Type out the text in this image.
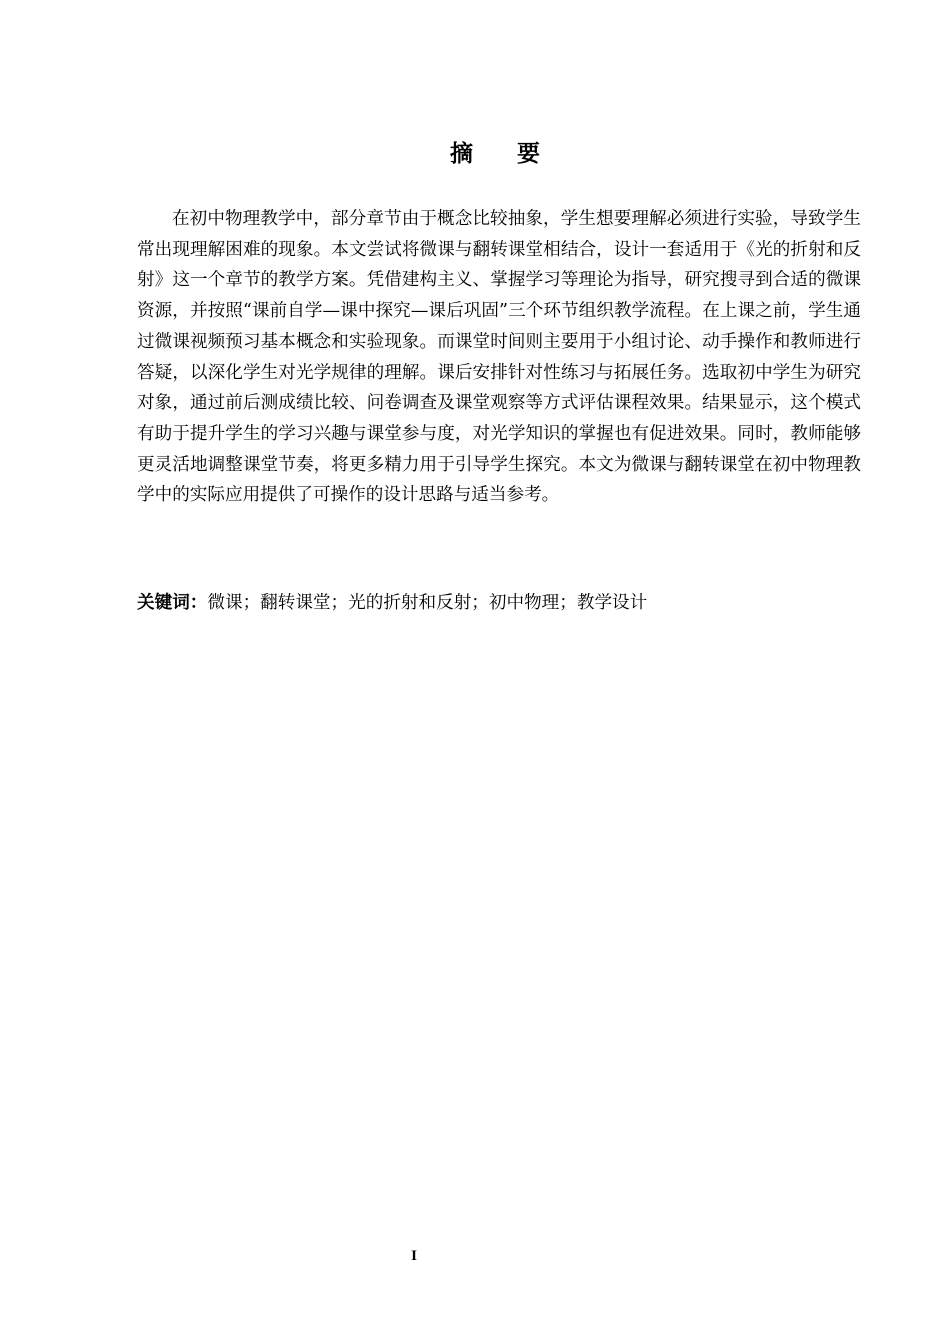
摘 要

在初中物理教学中，部分章节由于概念比较抽象，学生想要理解必须进行实验，导致学生常出现理解困难的现象。本文尝试将微课与翻转课堂相结合，设计一套适用于《光的折射和反射》这一个章节的教学方案。凭借建构主义、掌握学习等理论为指导，研究搜寻到合适的微课资源，并按照“课前自学—课中探究—课后巩固”三个环节组织教学流程。在上课之前，学生通过微课视频预习基本概念和实验现象。而课堂时间则主要用于小组讨论、动手操作和教师进行答疑，以深化学生对光学规律的理解。课后安排针对性练习与拓展任务。选取初中学生为研究对象，通过前后测成绩比较、问卷调查及课堂观察等方式评估课程效果。结果显示，这个模式有助于提升学生的学习兴趣与课堂参与度，对光学知识的掌握也有促进效果。同时，教师能够更灵活地调整课堂节奏，将更多精力用于引导学生探究。本文为微课与翻转课堂在初中物理教学中的实际应用提供了可操作的设计思路与适当参考。

关键词：微课；翻转课堂；光的折射和反射；初中物理；教学设计

I
